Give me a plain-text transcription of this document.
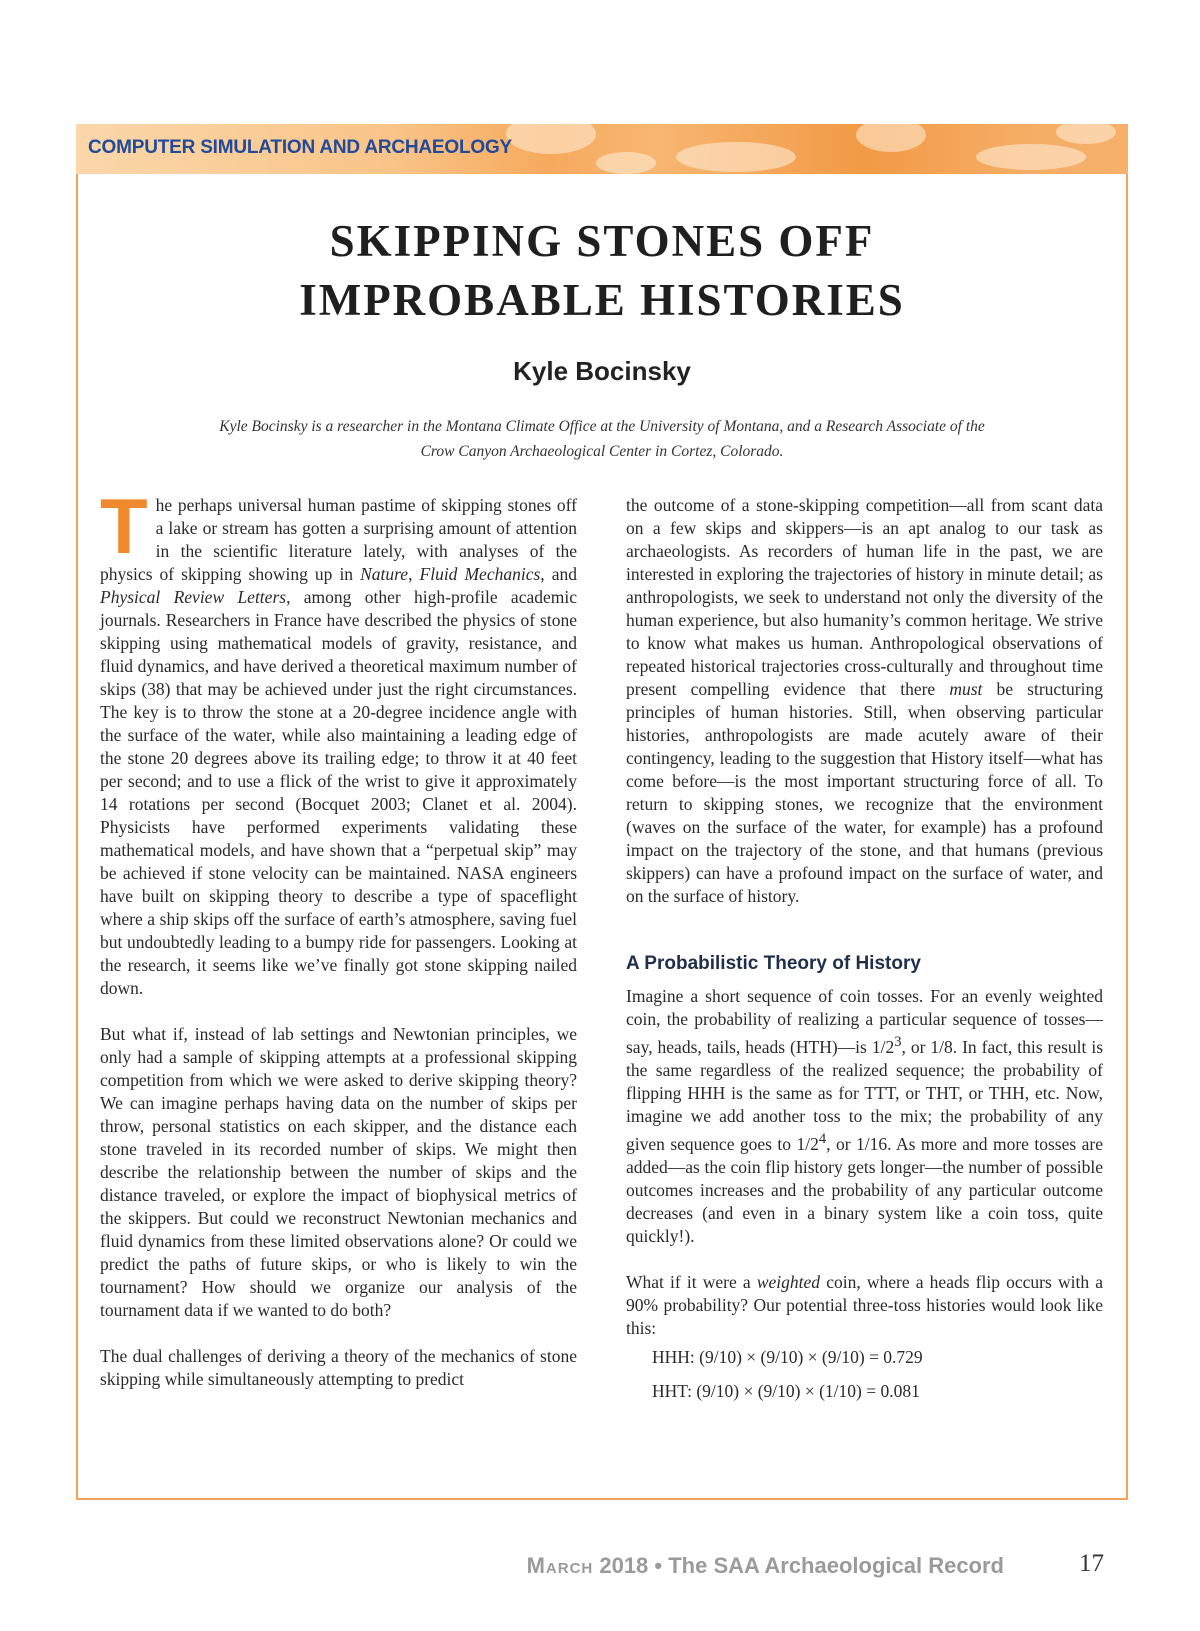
COMPUTER SIMULATION AND ARCHAEOLOGY

SKIPPING STONES OFF
IMPROBABLE HISTORIES

Kyle Bocinsky

Kyle Bocinsky is a researcher in the Montana Climate Office at the University of Montana, and a Research Associate of the
Crow Canyon Archaeological Center in Cortez, Colorado.

The perhaps universal human pastime of skipping stones off a lake or stream has gotten a surprising amount of attention in the scientific literature lately, with analyses of the physics of skipping showing up in Nature, Fluid Mechanics, and Physical Review Letters, among other high-profile academic journals. Researchers in France have described the physics of stone skipping using mathematical models of gravity, resistance, and fluid dynamics, and have derived a theoretical maximum number of skips (38) that may be achieved under just the right circumstances. The key is to throw the stone at a 20-degree incidence angle with the surface of the water, while also maintaining a leading edge of the stone 20 degrees above its trailing edge; to throw it at 40 feet per second; and to use a flick of the wrist to give it approximately 14 rotations per second (Bocquet 2003; Clanet et al. 2004). Physicists have performed experiments validating these mathematical models, and have shown that a “perpetual skip” may be achieved if stone velocity can be maintained. NASA engineers have built on skipping theory to describe a type of spaceflight where a ship skips off the surface of earth’s atmosphere, saving fuel but undoubtedly leading to a bumpy ride for passengers. Looking at the research, it seems like we’ve finally got stone skipping nailed down.

But what if, instead of lab settings and Newtonian principles, we only had a sample of skipping attempts at a professional skipping competition from which we were asked to derive skipping theory? We can imagine perhaps having data on the number of skips per throw, personal statistics on each skipper, and the distance each stone traveled in its recorded number of skips. We might then describe the relationship between the number of skips and the distance traveled, or explore the impact of biophysical metrics of the skippers. But could we reconstruct Newtonian mechanics and fluid dynamics from these limited observations alone? Or could we predict the paths of future skips, or who is likely to win the tournament? How should we organize our analysis of the tournament data if we wanted to do both?

The dual challenges of deriving a theory of the mechanics of stone skipping while simultaneously attempting to predict

the outcome of a stone-skipping competition—all from scant data on a few skips and skippers—is an apt analog to our task as archaeologists. As recorders of human life in the past, we are interested in exploring the trajectories of history in minute detail; as anthropologists, we seek to understand not only the diversity of the human experience, but also humanity’s common heritage. We strive to know what makes us human. Anthropological observations of repeated historical trajectories cross-culturally and throughout time present compelling evidence that there must be structuring principles of human histories. Still, when observing particular histories, anthropologists are made acutely aware of their contingency, leading to the suggestion that History itself—what has come before—is the most important structuring force of all. To return to skipping stones, we recognize that the environment (waves on the surface of the water, for example) has a profound impact on the trajectory of the stone, and that humans (previous skippers) can have a profound impact on the surface of water, and on the surface of history.

A Probabilistic Theory of History

Imagine a short sequence of coin tosses. For an evenly weighted coin, the probability of realizing a particular sequence of tosses—say, heads, tails, heads (HTH)—is $1/2^3$, or 1/8. In fact, this result is the same regardless of the realized sequence; the probability of flipping HHH is the same as for TTT, or THT, or THH, etc. Now, imagine we add another toss to the mix; the probability of any given sequence goes to $1/2^4$, or 1/16. As more and more tosses are added—as the coin flip history gets longer—the number of possible outcomes increases and the probability of any particular outcome decreases (and even in a binary system like a coin toss, quite quickly!).

What if it were a weighted coin, where a heads flip occurs with a 90% probability? Our potential three-toss histories would look like this:

HHH: (9/10) × (9/10) × (9/10) = 0.729

HHT: (9/10) × (9/10) × (1/10) = 0.081

March 2018 • The SAA Archaeological Record	17
